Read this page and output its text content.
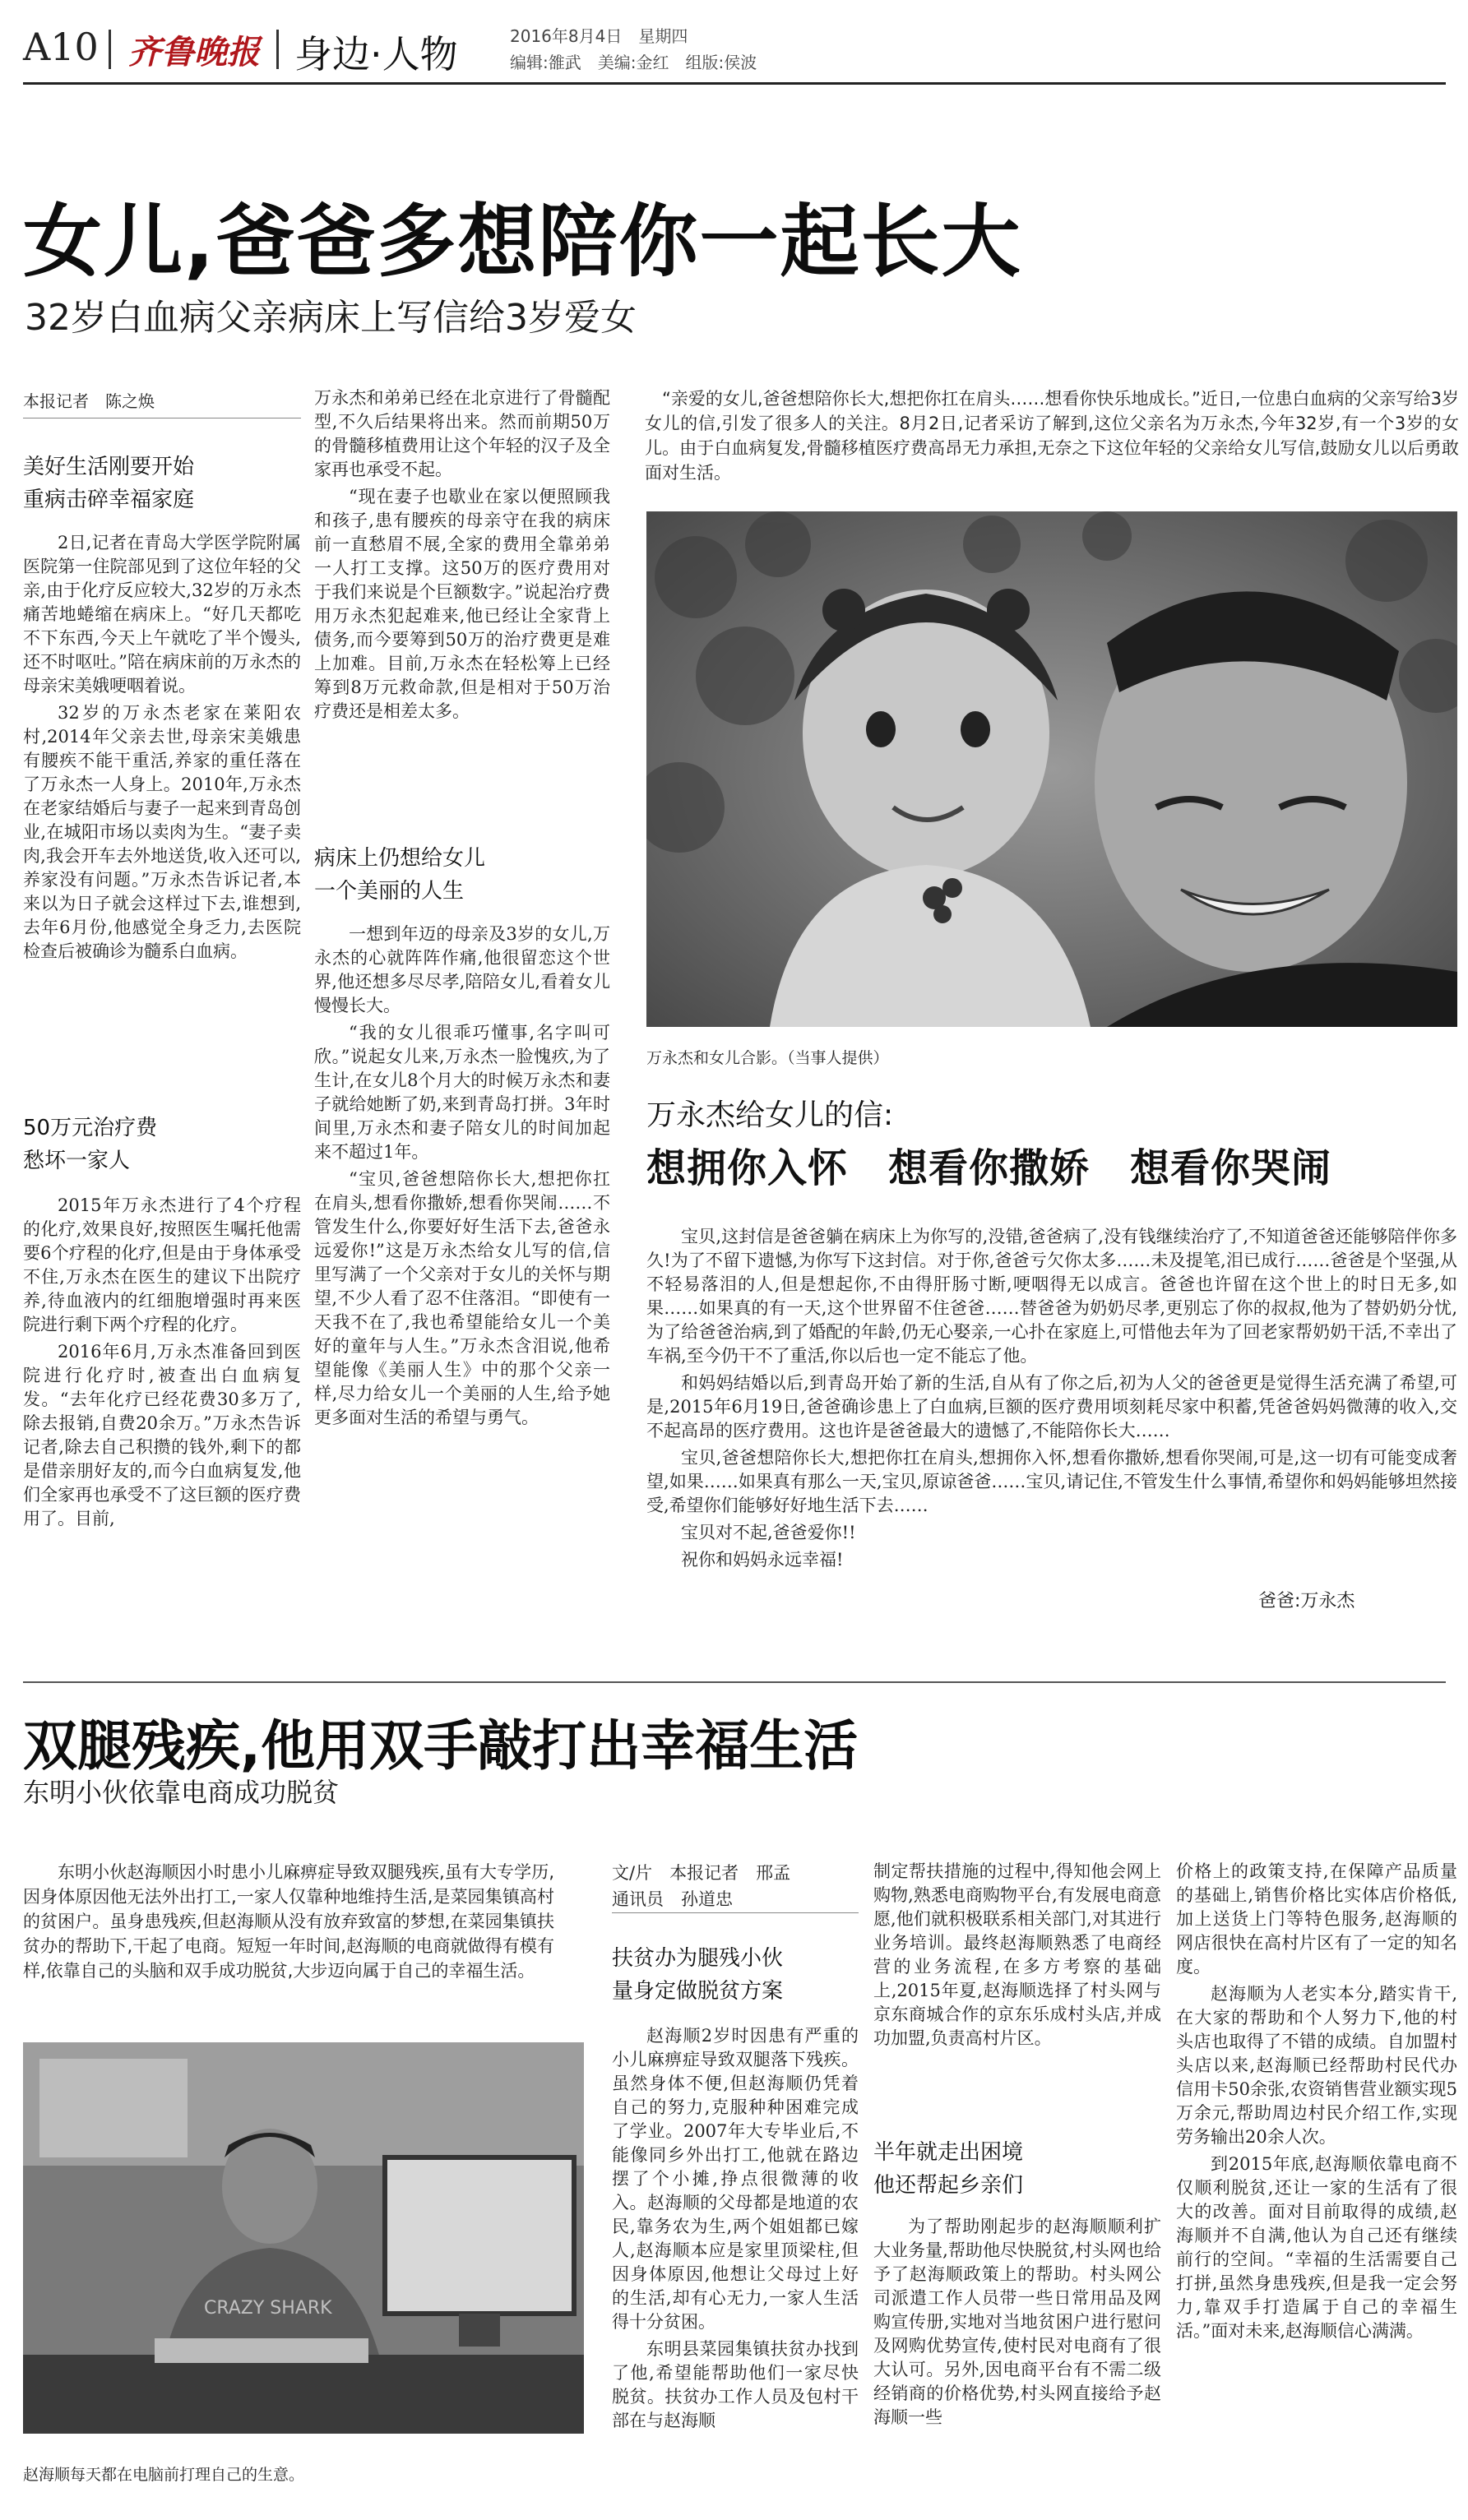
A10 齐鲁晚报 身边·人物	2016年8月4日　星期四
编辑:雒武　美编:金红　组版:侯波
女儿,爸爸多想陪你一起长大
32岁白血病父亲病床上写信给3岁爱女
本报记者　陈之焕
美好生活刚要开始
重病击碎幸福家庭

2日,记者在青岛大学医学院附属医院第一住院部见到了这位年轻的父亲,由于化疗反应较大,32岁的万永杰痛苦地蜷缩在病床上。“好几天都吃不下东西,今天上午就吃了半个馒头,还不时呕吐。”陪在病床前的万永杰的母亲宋美娥哽咽着说。

32岁的万永杰老家在莱阳农村,2014年父亲去世,母亲宋美娥患有腰疾不能干重活,养家的重任落在了万永杰一人身上。2010年,万永杰在老家结婚后与妻子一起来到青岛创业,在城阳市场以卖肉为生。“妻子卖肉,我会开车去外地送货,收入还可以,养家没有问题。”万永杰告诉记者,本来以为日子就会这样过下去,谁想到,去年6月份,他感觉全身乏力,去医院检查后被确诊为髓系白血病。

50万元治疗费
愁坏一家人

2015年万永杰进行了4个疗程的化疗,效果良好,按照医生嘱托他需要6个疗程的化疗,但是由于身体承受不住,万永杰在医生的建议下出院疗养,待血液内的红细胞增强时再来医院进行剩下两个疗程的化疗。

2016年6月,万永杰准备回到医院进行化疗时,被查出白血病复发。“去年化疗已经花费30多万了,除去报销,自费20余万。”万永杰告诉记者,除去自己积攒的钱外,剩下的都是借亲朋好友的,而今白血病复发,他们全家再也承受不了这巨额的医疗费用了。目前,

万永杰和弟弟已经在北京进行了骨髓配型,不久后结果将出来。然而前期50万的骨髓移植费用让这个年轻的汉子及全家再也承受不起。

“现在妻子也歇业在家以便照顾我和孩子,患有腰疾的母亲守在我的病床前一直愁眉不展,全家的费用全靠弟弟一人打工支撑。这50万的医疗费用对于我们来说是个巨额数字。”说起治疗费用万永杰犯起难来,他已经让全家背上债务,而今要筹到50万的治疗费更是难上加难。目前,万永杰在轻松筹上已经筹到8万元救命款,但是相对于50万治疗费还是相差太多。

病床上仍想给女儿
一个美丽的人生

一想到年迈的母亲及3岁的女儿,万永杰的心就阵阵作痛,他很留恋这个世界,他还想多尽尽孝,陪陪女儿,看着女儿慢慢长大。

“我的女儿很乖巧懂事,名字叫可欣。”说起女儿来,万永杰一脸愧疚,为了生计,在女儿8个月大的时候万永杰和妻子就给她断了奶,来到青岛打拼。3年时间里,万永杰和妻子陪女儿的时间加起来不超过1年。

“宝贝,爸爸想陪你长大,想把你扛在肩头,想看你撒娇,想看你哭闹……不管发生什么,你要好好生活下去,爸爸永远爱你!”这是万永杰给女儿写的信,信里写满了一个父亲对于女儿的关怀与期望,不少人看了忍不住落泪。“即使有一天我不在了,我也希望能给女儿一个美好的童年与人生。”万永杰含泪说,他希望能像《美丽人生》中的那个父亲一样,尽力给女儿一个美丽的人生,给予她更多面对生活的希望与勇气。

“亲爱的女儿,爸爸想陪你长大,想把你扛在肩头……想看你快乐地成长。”近日,一位患白血病的父亲写给3岁女儿的信,引发了很多人的关注。8月2日,记者采访了解到,这位父亲名为万永杰,今年32岁,有一个3岁的女儿。由于白血病复发,骨髓移植医疗费高昂无力承担,无奈之下这位年轻的父亲给女儿写信,鼓励女儿以后勇敢面对生活。
万永杰和女儿合影。（当事人提供）
万永杰给女儿的信:
想拥你入怀　想看你撒娇　想看你哭闹

宝贝,这封信是爸爸躺在病床上为你写的,没错,爸爸病了,没有钱继续治疗了,不知道爸爸还能够陪伴你多久!为了不留下遗憾,为你写下这封信。对于你,爸爸亏欠你太多……未及提笔,泪已成行……爸爸是个坚强,从不轻易落泪的人,但是想起你,不由得肝肠寸断,哽咽得无以成言。爸爸也许留在这个世上的时日无多,如果……如果真的有一天,这个世界留不住爸爸……替爸爸为奶奶尽孝,更别忘了你的叔叔,他为了替奶奶分忧,为了给爸爸治病,到了婚配的年龄,仍无心娶亲,一心扑在家庭上,可惜他去年为了回老家帮奶奶干活,不幸出了车祸,至今仍干不了重活,你以后也一定不能忘了他。

和妈妈结婚以后,到青岛开始了新的生活,自从有了你之后,初为人父的爸爸更是觉得生活充满了希望,可是,2015年6月19日,爸爸确诊患上了白血病,巨额的医疗费用顷刻耗尽家中积蓄,凭爸爸妈妈微薄的收入,交不起高昂的医疗费用。这也许是爸爸最大的遗憾了,不能陪你长大……

宝贝,爸爸想陪你长大,想把你扛在肩头,想拥你入怀,想看你撒娇,想看你哭闹,可是,这一切有可能变成奢望,如果……如果真有那么一天,宝贝,原谅爸爸……宝贝,请记住,不管发生什么事情,希望你和妈妈能够坦然接受,希望你们能够好好地生活下去……

宝贝对不起,爸爸爱你!!

祝你和妈妈永远幸福!

爸爸:万永杰
双腿残疾,他用双手敲打出幸福生活
东明小伙依靠电商成功脱贫
东明小伙赵海顺因小时患小儿麻痹症导致双腿残疾,虽有大专学历,因身体原因他无法外出打工,一家人仅靠种地维持生活,是菜园集镇高村的贫困户。虽身患残疾,但赵海顺从没有放弃致富的梦想,在菜园集镇扶贫办的帮助下,干起了电商。短短一年时间,赵海顺的电商就做得有模有样,依靠自己的头脑和双手成功脱贫,大步迈向属于自己的幸福生活。
CRAZY SHARK
赵海顺每天都在电脑前打理自己的生意。
文/片　本报记者　邢孟
通讯员　孙道忠
扶贫办为腿残小伙
量身定做脱贫方案

赵海顺2岁时因患有严重的小儿麻痹症导致双腿落下残疾。虽然身体不便,但赵海顺仍凭着自己的努力,克服种种困难完成了学业。2007年大专毕业后,不能像同乡外出打工,他就在路边摆了个小摊,挣点很微薄的收入。赵海顺的父母都是地道的农民,靠务农为生,两个姐姐都已嫁人,赵海顺本应是家里顶梁柱,但因身体原因,他想让父母过上好的生活,却有心无力,一家人生活得十分贫困。

东明县菜园集镇扶贫办找到了他,希望能帮助他们一家尽快脱贫。扶贫办工作人员及包村干部在与赵海顺

制定帮扶措施的过程中,得知他会网上购物,熟悉电商购物平台,有发展电商意愿,他们就积极联系相关部门,对其进行业务培训。最终赵海顺熟悉了电商经营的业务流程,在多方考察的基础上,2015年夏,赵海顺选择了村头网与京东商城合作的京东乐成村头店,并成功加盟,负责高村片区。

半年就走出困境
他还帮起乡亲们

为了帮助刚起步的赵海顺顺利扩大业务量,帮助他尽快脱贫,村头网也给予了赵海顺政策上的帮助。村头网公司派遣工作人员带一些日常用品及网购宣传册,实地对当地贫困户进行慰问及网购优势宣传,使村民对电商有了很大认可。另外,因电商平台有不需二级经销商的价格优势,村头网直接给予赵海顺一些

价格上的政策支持,在保障产品质量的基础上,销售价格比实体店价格低,加上送货上门等特色服务,赵海顺的网店很快在高村片区有了一定的知名度。

赵海顺为人老实本分,踏实肯干,在大家的帮助和个人努力下,他的村头店也取得了不错的成绩。自加盟村头店以来,赵海顺已经帮助村民代办信用卡50余张,农资销售营业额实现5万余元,帮助周边村民介绍工作,实现劳务输出20余人次。

到2015年底,赵海顺依靠电商不仅顺利脱贫,还让一家的生活有了很大的改善。面对目前取得的成绩,赵海顺并不自满,他认为自己还有继续前行的空间。“幸福的生活需要自己打拼,虽然身患残疾,但是我一定会努力,靠双手打造属于自己的幸福生活。”面对未来,赵海顺信心满满。
